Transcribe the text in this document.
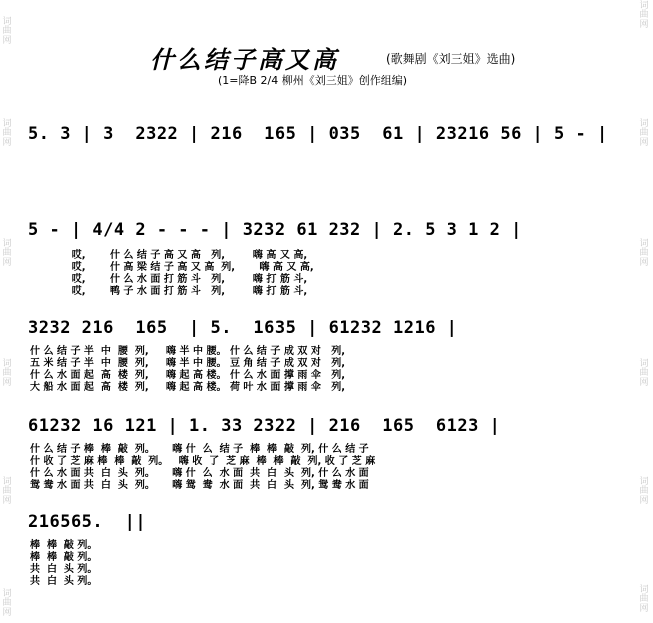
词
曲
网
词
曲
网
词
曲
网
词
曲
网
词
曲
网
词
曲
网
词
曲
网
词
曲
网
词
曲
网
词
曲
网
词
曲
网
词
曲
网
什么结子高又高	(歌舞剧《刘三姐》选曲)
(1=降B 2/4 柳州《刘三姐》创作组编)
5. 3 | 3  2322 | 216  165 | 035  61 | 23216 56 | 5 - |
5 - | 4/4 2 - - - | 3232 61 232 | 2. 5 3 1 2 |
哎,       什 么 结 子 高 又 高   列,        嗨 高 又 高,
哎,       什 高 梁 结 子 高 又 高  列,       嗨 高 又 高,
哎,       什 么 水 面 打 筋 斗   列,        嗨 打 筋 斗,
哎,       鸭 子 水 面 打 筋 斗   列,        嗨 打 筋 斗,
3232 216  165  | 5.  1635 | 61232 1216 |
什 么 结 子 半  中  腰  列,     嗨 半 中 腰。 什 么 结 子 成 双 对   列,
五 米 结 子 半  中  腰  列,     嗨 半 中 腰。 豆 角 结 子 成 双 对   列,
什 么 水 面 起  高  楼  列,     嗨 起 高 楼。 什 么 水 面 撑 雨 伞   列,
大 船 水 面 起  高  楼  列,     嗨 起 高 楼。 荷 叶 水 面 撑 雨 伞   列,
61232 16 121 | 1. 33 2322 | 216  165  6123 |
什 么 结 子 棒  棒  敲  列。     嗨 什  么  结 子  棒  棒  敲  列, 什 么 结 子
什 收 了 芝 麻 棒  棒  敲  列。   嗨 收  了  芝 麻  棒  棒  敲  列, 收 了 芝 麻
什 么 水 面 共  白  头  列。     嗨 什  么  水 面  共  白  头  列, 什 么 水 面
鸳 鸯 水 面 共  白  头  列。     嗨 鸳  鸯  水 面  共  白  头  列, 鸳 鸯 水 面
216565.  ||
棒  棒  敲 列。
棒  棒  敲 列。
共  白  头 列。
共  白  头 列。
